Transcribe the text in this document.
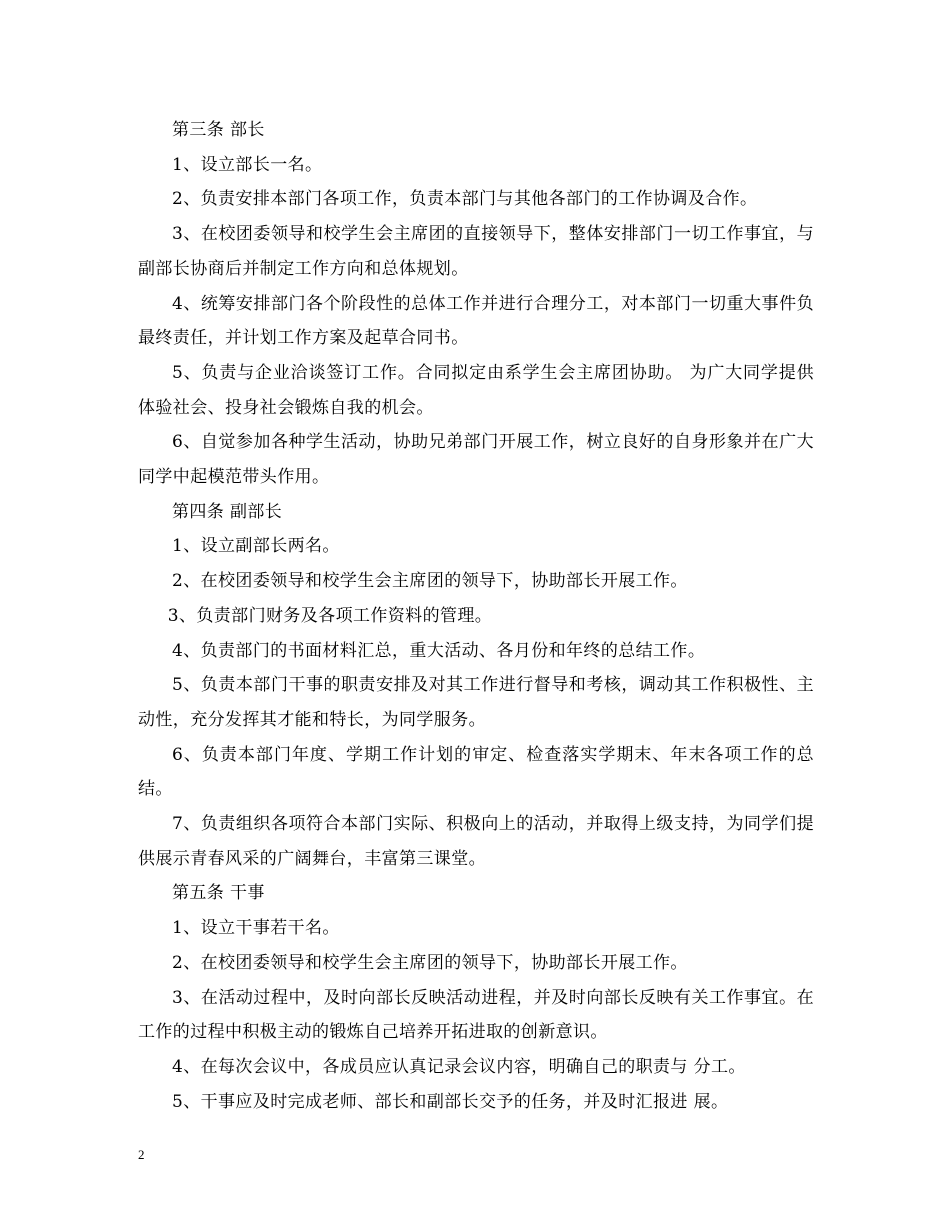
第三条 部长

1、设立部长一名。

2、负责安排本部门各项工作，负责本部门与其他各部门的工作协调及合作。

3、在校团委领导和校学生会主席团的直接领导下，整体安排部门一切工作事宜，与副部长协商后并制定工作方向和总体规划。

4、统筹安排部门各个阶段性的总体工作并进行合理分工，对本部门一切重大事件负最终责任，并计划工作方案及起草合同书。

5、负责与企业洽谈签订工作。合同拟定由系学生会主席团协助。 为广大同学提供体验社会、投身社会锻炼自我的机会。

6、自觉参加各种学生活动，协助兄弟部门开展工作，树立良好的自身形象并在广大同学中起模范带头作用。

第四条 副部长

1、设立副部长两名。

2、在校团委领导和校学生会主席团的领导下，协助部长开展工作。

3、负责部门财务及各项工作资料的管理。

4、负责部门的书面材料汇总，重大活动、各月份和年终的总结工作。

5、负责本部门干事的职责安排及对其工作进行督导和考核，调动其工作积极性、主动性，充分发挥其才能和特长，为同学服务。

6、负责本部门年度、学期工作计划的审定、检查落实学期末、年末各项工作的总结。

7、负责组织各项符合本部门实际、积极向上的活动，并取得上级支持，为同学们提供展示青春风采的广阔舞台，丰富第三课堂。

第五条 干事

1、设立干事若干名。

2、在校团委领导和校学生会主席团的领导下，协助部长开展工作。

3、在活动过程中，及时向部长反映活动进程，并及时向部长反映有关工作事宜。在工作的过程中积极主动的锻炼自己培养开拓进取的创新意识。

4、在每次会议中，各成员应认真记录会议内容，明确自己的职责与 分工。

5、干事应及时完成老师、部长和副部长交予的任务，并及时汇报进 展。

2
